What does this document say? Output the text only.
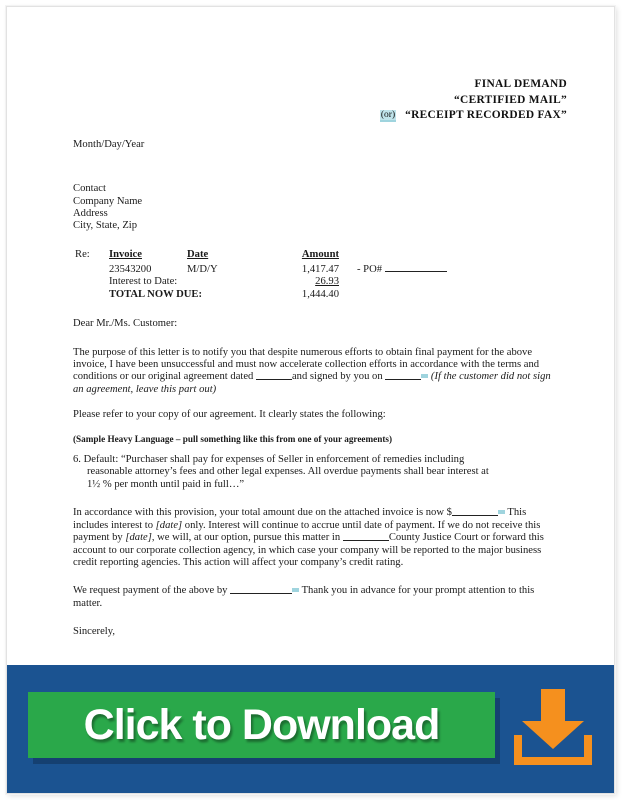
FINAL DEMAND
“CERTIFIED MAIL”
(or) “RECEIPT RECORDED FAX”
Month/Day/Year
Contact
Company Name
Address
City, State, Zip
Re:	Invoice	Date	Amount	
	23543200	M/D/Y	1,417.47	- PO#
	Interest to Date:		26.93	
	TOTAL NOW DUE:		1,444.40	
Dear Mr./Ms. Customer:
The purpose of this letter is to notify you that despite numerous efforts to obtain final payment for the above invoice, I have been unsuccessful and must now accelerate collection efforts in accordance with the terms and conditions or our original agreement dated	and signed by you on	(If the customer did not sign an agreement, leave this part out)
Please refer to your copy of our agreement. It clearly states the following:
(Sample Heavy Language – pull something like this from one of your agreements)
6. Default: “Purchaser shall pay for expenses of Seller in enforcement of remedies including
reasonable attorney’s fees and other legal expenses. All overdue payments shall bear interest at
1½ % per month until paid in full…”
In accordance with this provision, your total amount due on the attached invoice is now $	This includes interest to [date] only. Interest will continue to accrue until date of payment. If we do not receive this payment by [date], we will, at our option, pursue this matter in	County Justice Court or forward this account to our corporate collection agency, in which case your company will be reported to the major business credit reporting agencies. This action will affect your company’s credit rating.
We request payment of the above by	Thank you in advance for your prompt attention to this matter.
Sincerely,
Click to Download
